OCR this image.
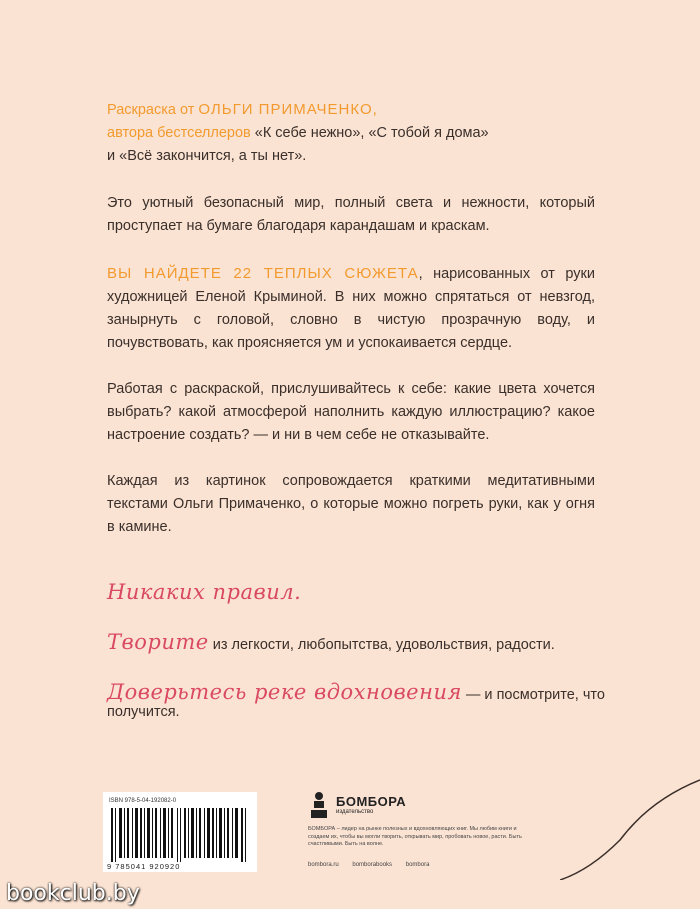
Раскраска от ОЛЬГИ ПРИМАЧЕНКО,
автора бестселлеров «К себе нежно», «С тобой я дома»
и «Всё закончится, а ты нет».
Это уютный безопасный мир, полный света и нежности, который проступает на бумаге благодаря карандашам и краскам.
ВЫ НАЙДЕТЕ 22 ТЕПЛЫХ СЮЖЕТА, нарисованных от руки художницей Еленой Крыминой. В них можно спрятаться от невзгод, занырнуть с головой, словно в чистую прозрачную воду, и почувствовать, как проясняется ум и успокаивается сердце.
Работая с раскраской, прислушивайтесь к себе: какие цвета хочется выбрать? какой атмосферой наполнить каждую иллюстрацию? какое настроение создать? — и ни в чем себе не отказывайте.
Каждая из картинок сопровождается краткими медитативными текстами Ольги Примаченко, о которые можно погреть руки, как у огня в камине.
Никаких правил.
Творите из легкости, любопытства, удовольствия, радости.
Доверьтесь реке вдохновения — и посмотрите, что получится.
ISBN 978-5-04-192082-0
9 785041 920920
БОМБОРА
издательство
БОМБОРА – лидер на рынке полезных и вдохновляющих книг. Мы любим книги и создаем их, чтобы вы могли творить, открывать мир, пробовать новое, расти. Быть счастливыми. Быть на волне.
bombora.ru bomborabooks bombora
bookclub.by
